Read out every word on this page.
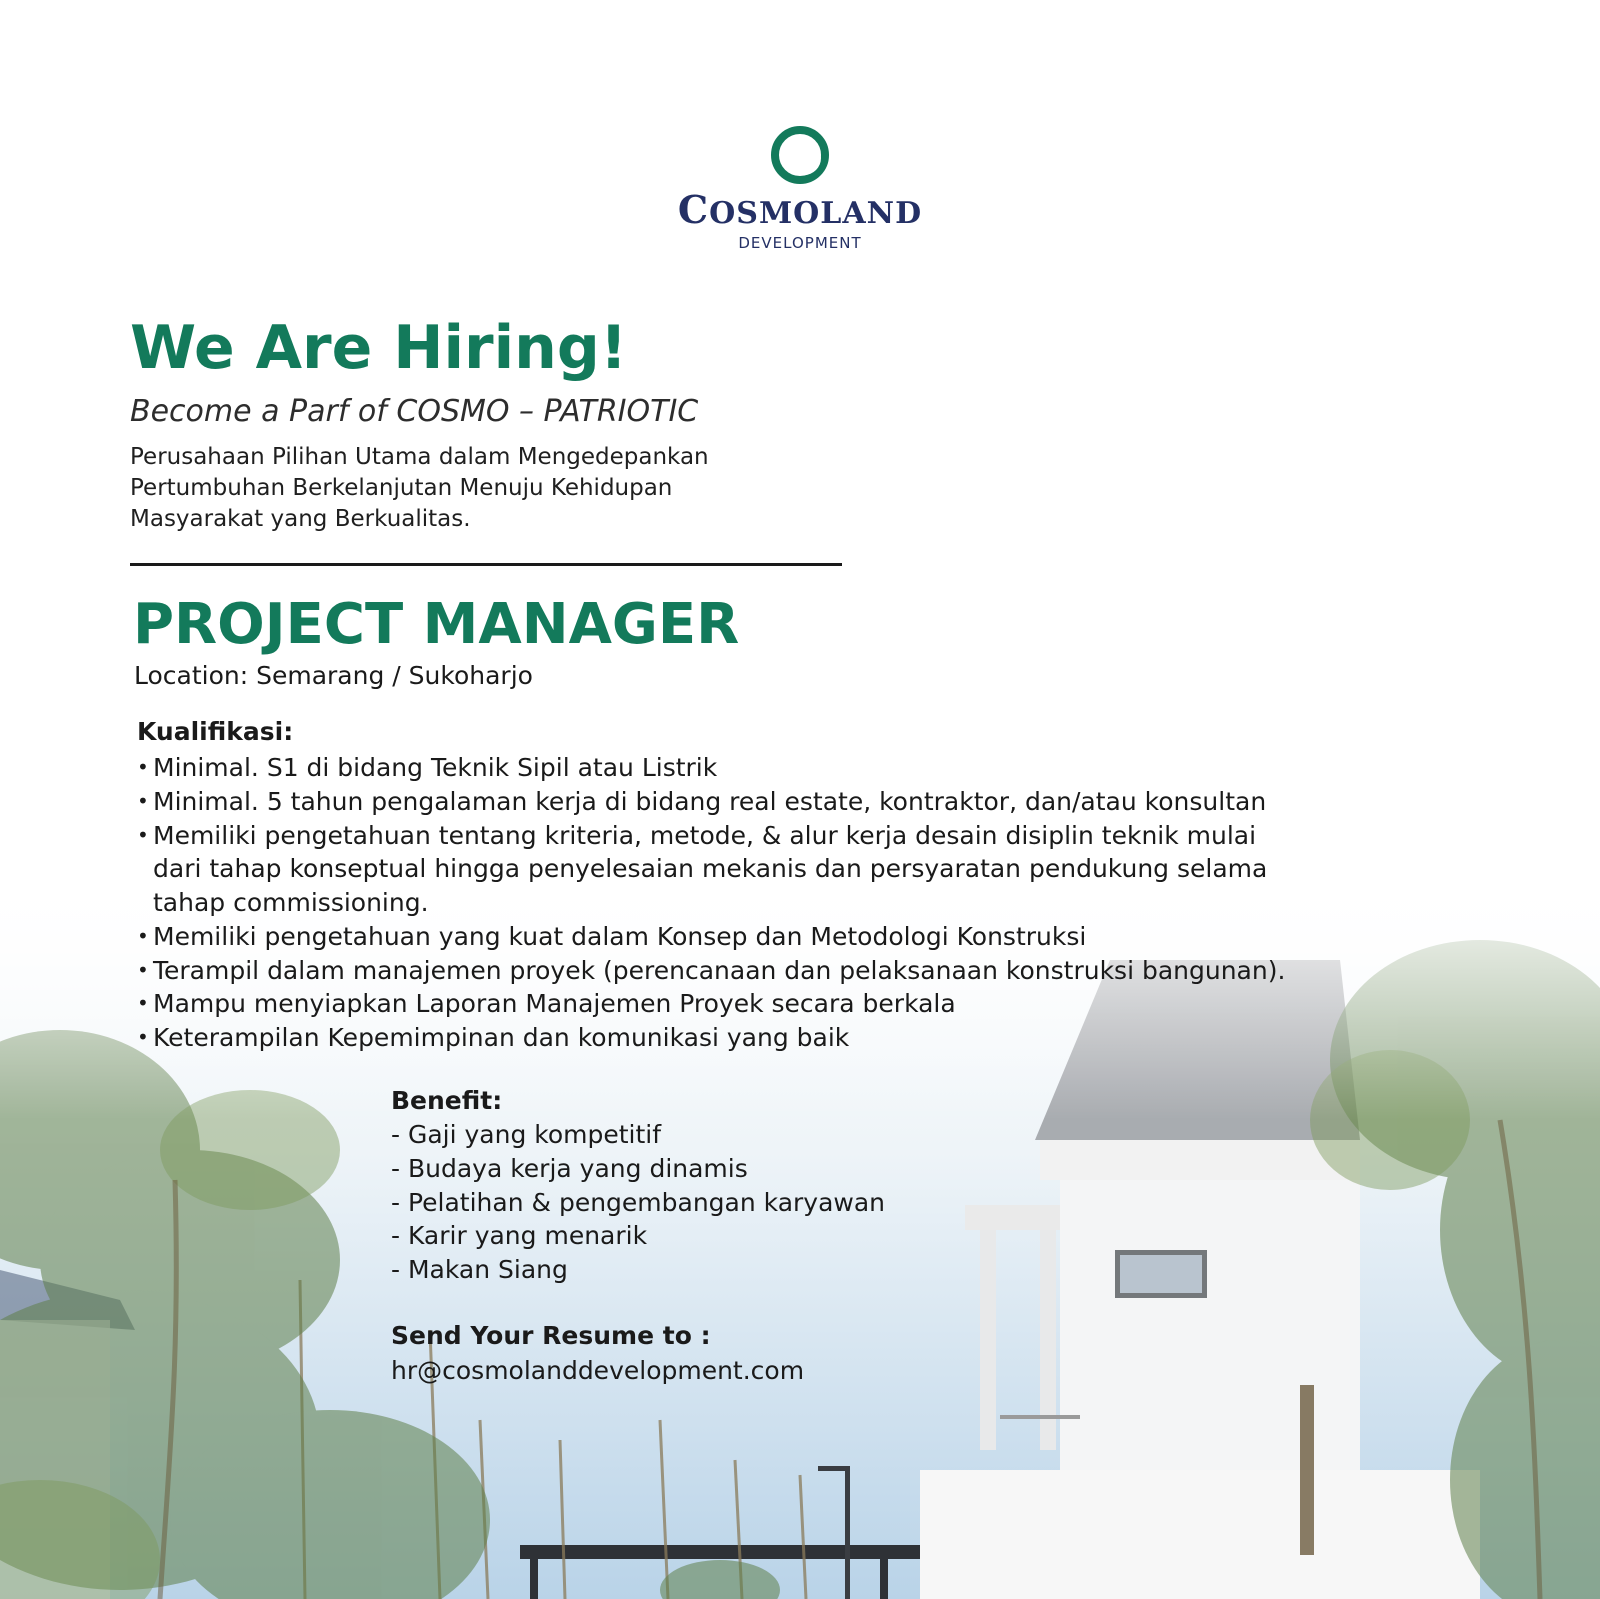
COSMOLAND
DEVELOPMENT
We Are Hiring!
Become a Parf of COSMO – PATRIOTIC
Perusahaan Pilihan Utama dalam Mengedepankan
Pertumbuhan Berkelanjutan Menuju Kehidupan
Masyarakat yang Berkualitas.
PROJECT MANAGER
Location: Semarang / Sukoharjo
Kualifikasi:
• Minimal. S1 di bidang Teknik Sipil atau Listrik
• Minimal. 5 tahun pengalaman kerja di bidang real estate, kontraktor, dan/atau konsultan
• Memiliki pengetahuan tentang kriteria, metode, & alur kerja desain disiplin teknik mulai dari tahap konseptual hingga penyelesaian mekanis dan persyaratan pendukung selama tahap commissioning.
• Memiliki pengetahuan yang kuat dalam Konsep dan Metodologi Konstruksi
• Terampil dalam manajemen proyek (perencanaan dan pelaksanaan konstruksi bangunan).
• Mampu menyiapkan Laporan Manajemen Proyek secara berkala
• Keterampilan Kepemimpinan dan komunikasi yang baik
Benefit:
- Gaji yang kompetitif
- Budaya kerja yang dinamis
- Pelatihan & pengembangan karyawan
- Karir yang menarik
- Makan Siang
Send Your Resume to :
hr@cosmolanddevelopment.com
